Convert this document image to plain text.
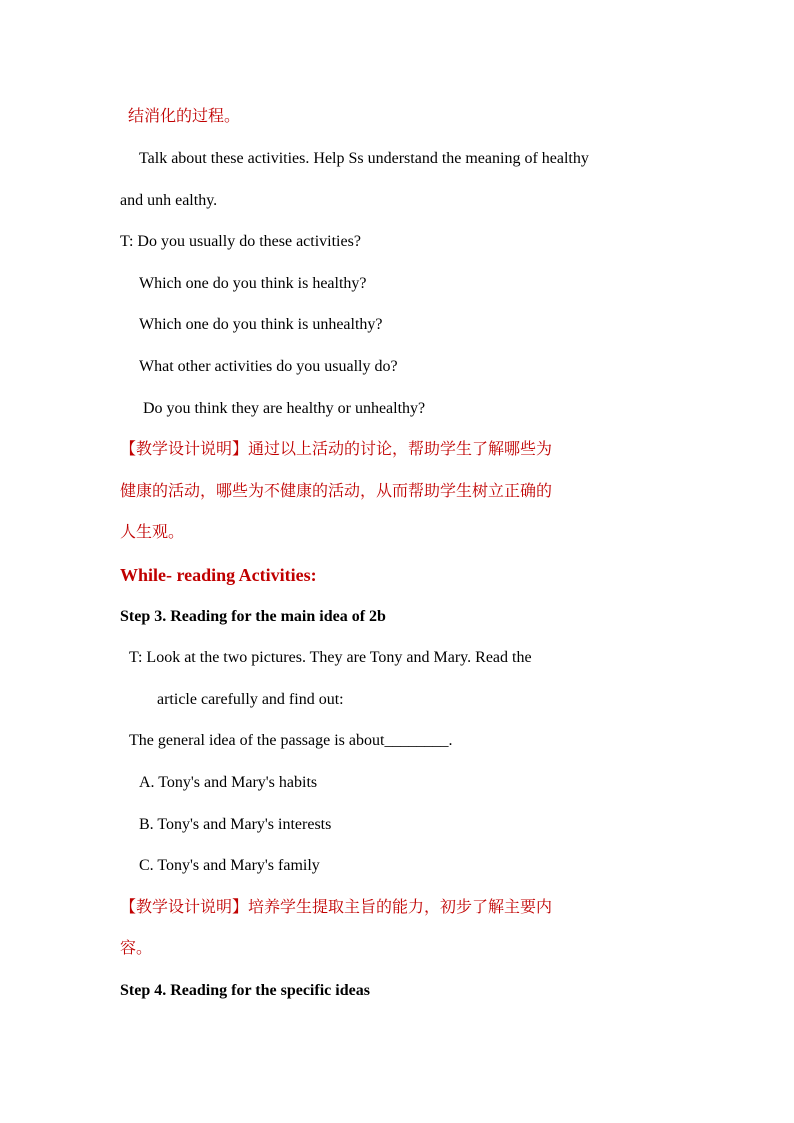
结消化的过程。
Talk about these activities. Help Ss understand the meaning of healthy
and unh ealthy.
T: Do you usually do these activities?
Which one do you think is healthy?
Which one do you think is unhealthy?
What other activities do you usually do?
Do you think they are healthy or unhealthy?
【教学设计说明】通过以上活动的讨论，帮助学生了解哪些为
健康的活动，哪些为不健康的活动，从而帮助学生树立正确的
人生观。
While- reading Activities:
Step 3. Reading for the main idea of 2b
T: Look at the two pictures. They are Tony and Mary. Read the
article carefully and find out:
The general idea of the passage is about________.
A. Tony's and Mary's habits
B. Tony's and Mary's interests
C. Tony's and Mary's family
【教学设计说明】培养学生提取主旨的能力，初步了解主要内
容。
Step 4. Reading for the specific ideas
